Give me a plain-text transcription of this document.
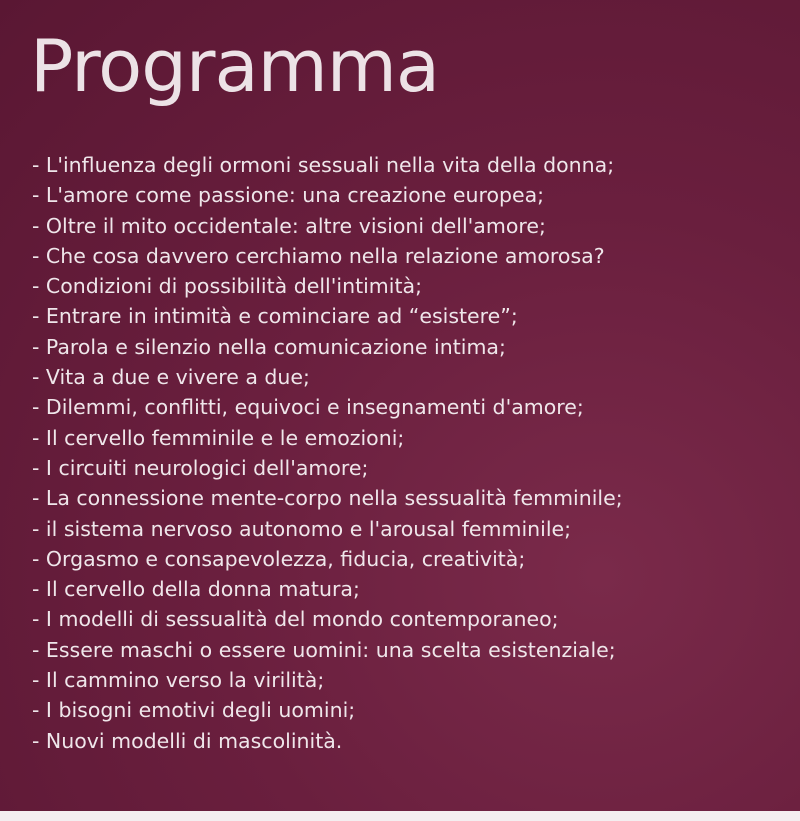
Programma
- L'influenza degli ormoni sessuali nella vita della donna;
- L'amore come passione: una creazione europea;
- Oltre il mito occidentale: altre visioni dell'amore;
- Che cosa davvero cerchiamo nella relazione amorosa?
- Condizioni di possibilità dell'intimità;
- Entrare in intimità e cominciare ad “esistere”;
- Parola e silenzio nella comunicazione intima;
- Vita a due e vivere a due;
- Dilemmi, conflitti, equivoci e insegnamenti d'amore;
- Il cervello femminile e le emozioni;
- I circuiti neurologici dell'amore;
- La connessione mente-corpo nella sessualità femminile;
- il sistema nervoso autonomo e l'arousal femminile;
- Orgasmo e consapevolezza, fiducia, creatività;
- Il cervello della donna matura;
- I modelli di sessualità del mondo contemporaneo;
- Essere maschi o essere uomini: una scelta esistenziale;
- Il cammino verso la virilità;
- I bisogni emotivi degli uomini;
- Nuovi modelli di mascolinità.
